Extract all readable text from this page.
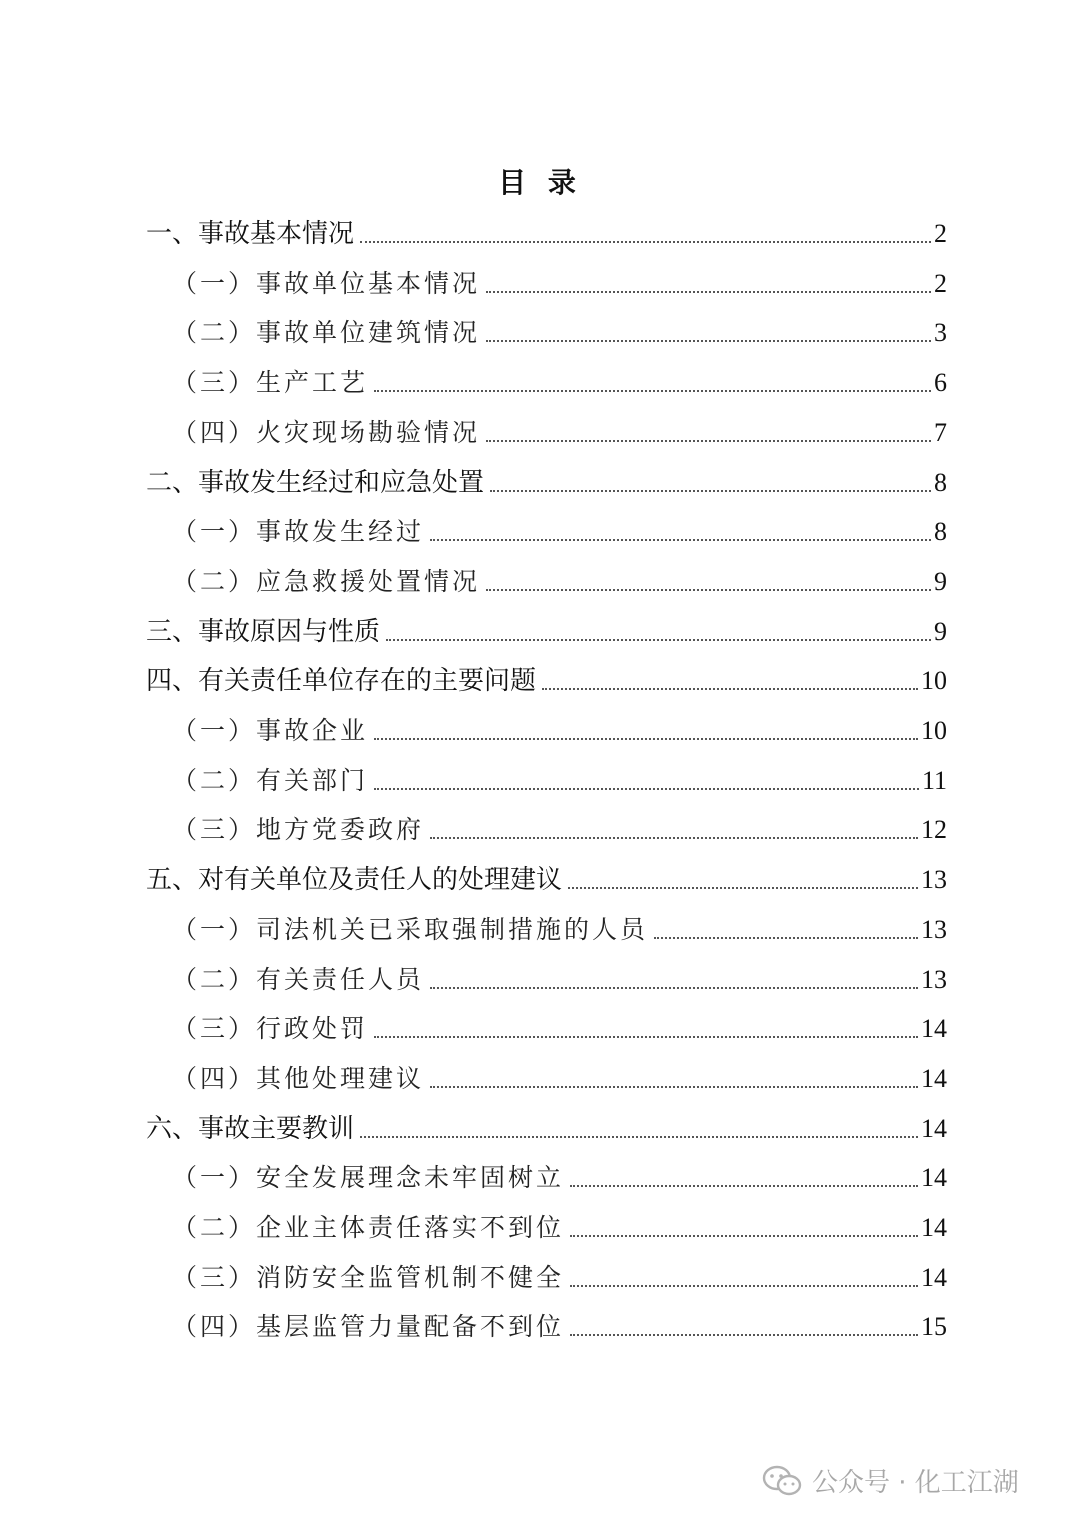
目 录
一、事故基本情况	2
（一）事故单位基本情况	2
（二）事故单位建筑情况	3
（三）生产工艺	6
（四）火灾现场勘验情况	7
二、事故发生经过和应急处置	8
（一）事故发生经过	8
（二）应急救援处置情况	9
三、事故原因与性质	9
四、有关责任单位存在的主要问题	10
（一）事故企业	10
（二）有关部门	11
（三）地方党委政府	12
五、对有关单位及责任人的处理建议	13
（一）司法机关已采取强制措施的人员	13
（二）有关责任人员	13
（三）行政处罚	14
（四）其他处理建议	14
六、事故主要教训	14
（一）安全发展理念未牢固树立	14
（二）企业主体责任落实不到位	14
（三）消防安全监管机制不健全	14
（四）基层监管力量配备不到位	15
公众号 · 化工江湖
